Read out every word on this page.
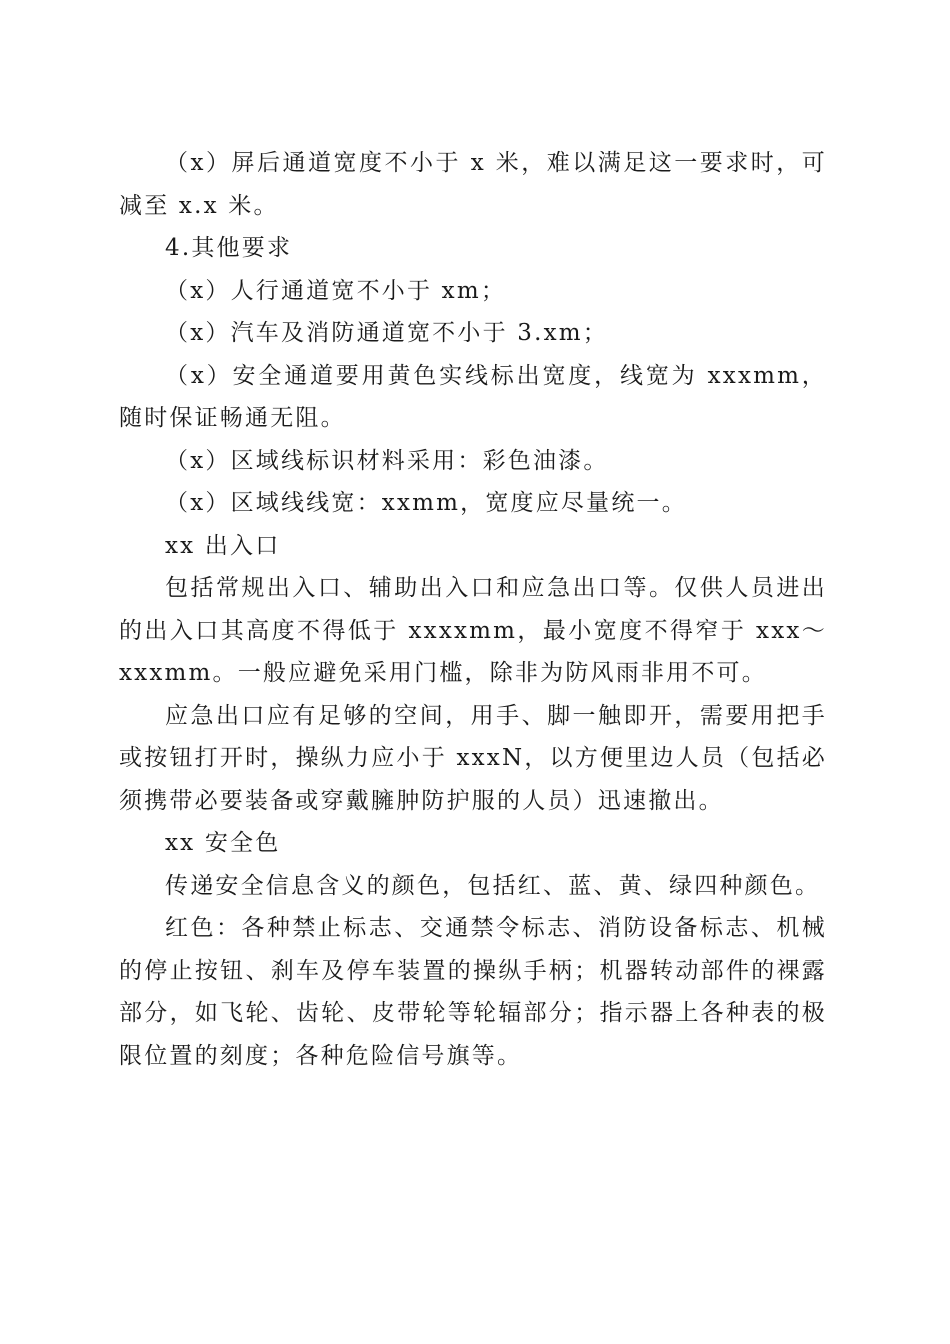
（x）屏后通道宽度不小于 x 米，难以满足这一要求时，可减至 x.x 米。

4.其他要求

（x）人行通道宽不小于 xm；

（x）汽车及消防通道宽不小于 3.xm；

（x）安全通道要用黄色实线标出宽度，线宽为 xxxmm，随时保证畅通无阻。

（x）区域线标识材料采用：彩色油漆。

（x）区域线线宽：xxmm，宽度应尽量统一。

xx 出入口

包括常规出入口、辅助出入口和应急出口等。仅供人员进出的出入口其高度不得低于 xxxxmm，最小宽度不得窄于 xxx～xxxmm。一般应避免采用门槛，除非为防风雨非用不可。

应急出口应有足够的空间，用手、脚一触即开，需要用把手或按钮打开时，操纵力应小于 xxxN，以方便里边人员（包括必须携带必要装备或穿戴臃肿防护服的人员）迅速撤出。

xx 安全色

传递安全信息含义的颜色，包括红、蓝、黄、绿四种颜色。

红色：各种禁止标志、交通禁令标志、消防设备标志、机械的停止按钮、刹车及停车装置的操纵手柄；机器转动部件的裸露部分，如飞轮、齿轮、皮带轮等轮辐部分；指示器上各种表的极限位置的刻度；各种危险信号旗等。
